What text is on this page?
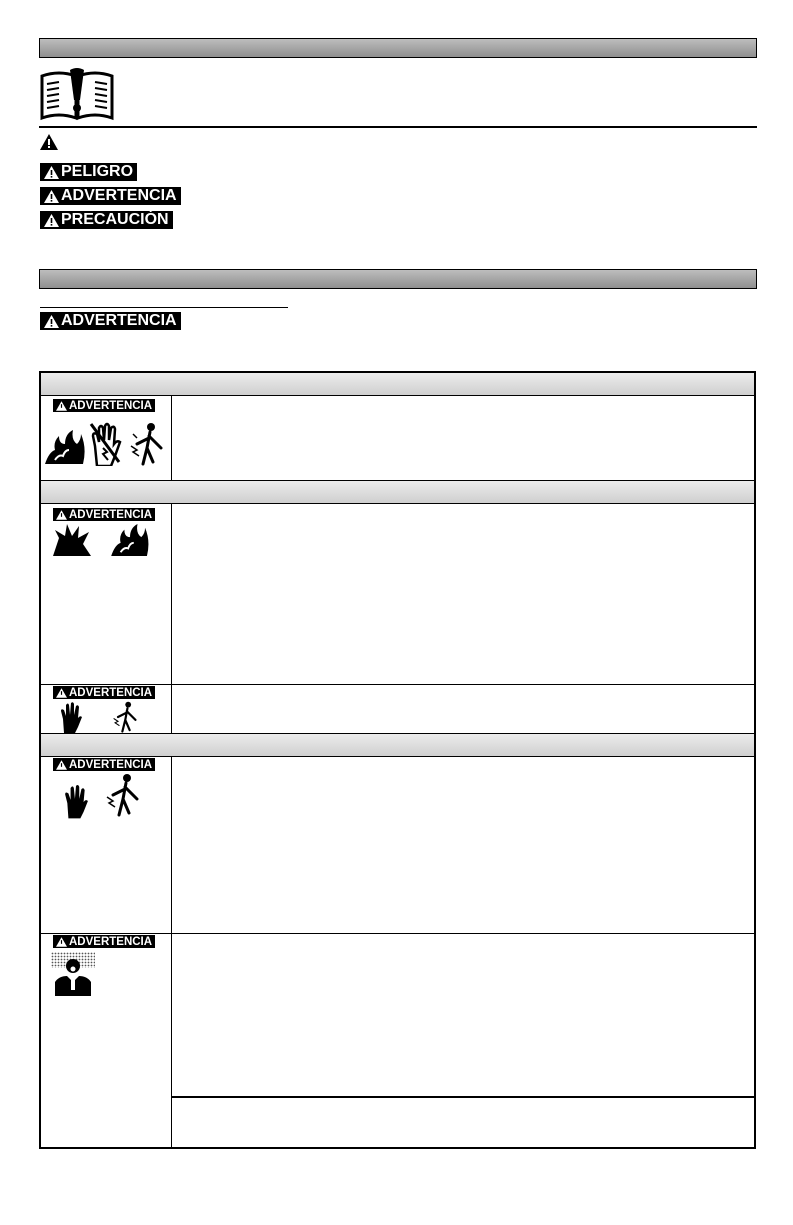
PELIGRO
ADVERTENCIA
PRECAUCIÓN
ADVERTENCIA
ADVERTENCIA
ADVERTENCIA
ADVERTENCIA
ADVERTENCIA
ADVERTENCIA
